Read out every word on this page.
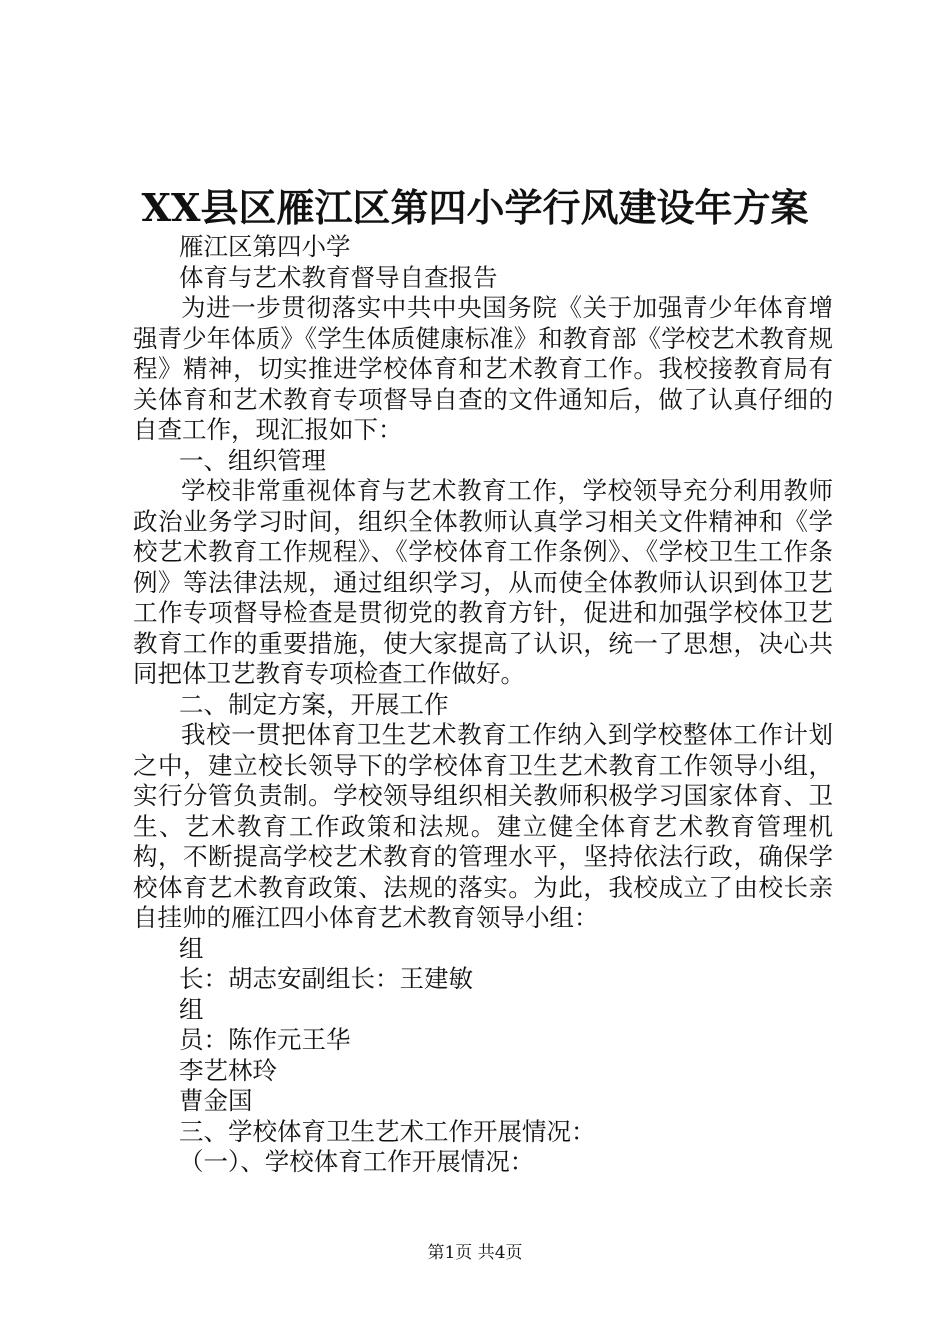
XX县区雁江区第四小学行风建设年方案
雁江区第四小学
体育与艺术教育督导自查报告
为进一步贯彻落实中共中央国务院《关于加强青少年体育增强青少年体质》《学生体质健康标准》和教育部《学校艺术教育规程》精神，切实推进学校体育和艺术教育工作。我校接教育局有关体育和艺术教育专项督导自查的文件通知后，做了认真仔细的自查工作，现汇报如下：
一、组织管理
学校非常重视体育与艺术教育工作，学校领导充分利用教师政治业务学习时间，组织全体教师认真学习相关文件精神和《学校艺术教育工作规程》、《学校体育工作条例》、《学校卫生工作条例》等法律法规，通过组织学习，从而使全体教师认识到体卫艺工作专项督导检查是贯彻党的教育方针，促进和加强学校体卫艺教育工作的重要措施，使大家提高了认识，统一了思想，决心共同把体卫艺教育专项检查工作做好。
二、制定方案，开展工作
我校一贯把体育卫生艺术教育工作纳入到学校整体工作计划之中，建立校长领导下的学校体育卫生艺术教育工作领导小组，实行分管负责制。学校领导组织相关教师积极学习国家体育、卫生、艺术教育工作政策和法规。建立健全体育艺术教育管理机构，不断提高学校艺术教育的管理水平，坚持依法行政，确保学校体育艺术教育政策、法规的落实。为此，我校成立了由校长亲自挂帅的雁江四小体育艺术教育领导小组：
组
长：胡志安副组长：王建敏
组
员：陈作元王华
李艺林玲
曹金国
三、学校体育卫生艺术工作开展情况：
（一）、学校体育工作开展情况：
第1页 共4页
